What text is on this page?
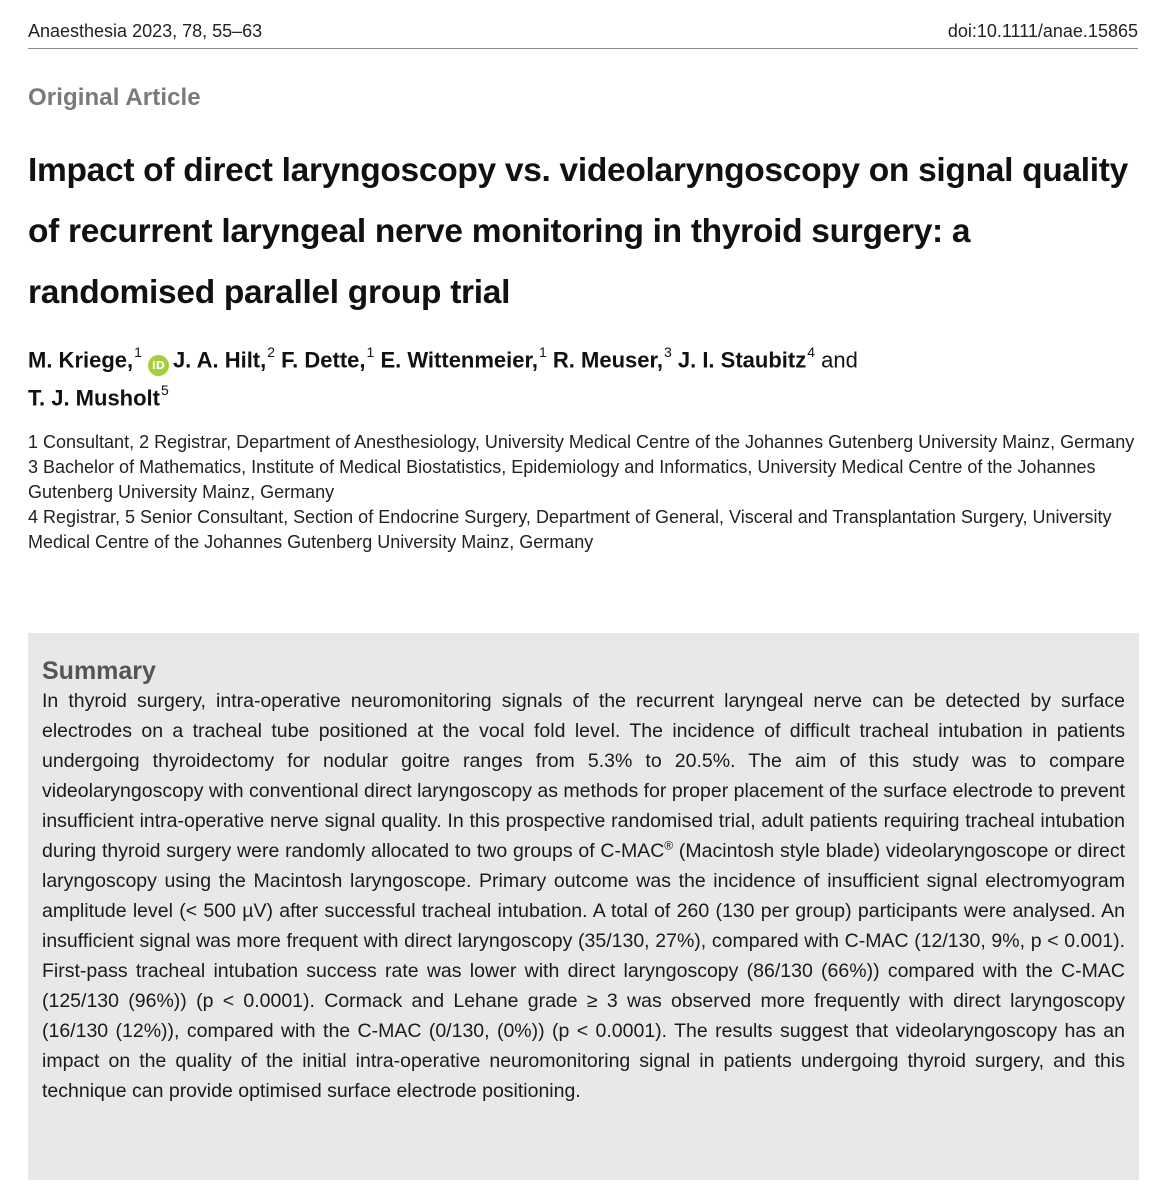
Anaesthesia 2023, 78, 55–63	doi:10.1111/anae.15865
Original Article
Impact of direct laryngoscopy vs. videolaryngoscopy on signal quality of recurrent laryngeal nerve monitoring in thyroid surgery: a randomised parallel group trial
M. Kriege,$^1$iD J. A. Hilt,$^2$ F. Dette,$^1$ E. Wittenmeier,$^1$ R. Meuser,$^3$ J. I. Staubitz$^4$ and
T. J. Musholt$^5$

1 Consultant, 2 Registrar, Department of Anesthesiology, University Medical Centre of the Johannes Gutenberg University Mainz, Germany

3 Bachelor of Mathematics, Institute of Medical Biostatistics, Epidemiology and Informatics, University Medical Centre of the Johannes Gutenberg University Mainz, Germany

4 Registrar, 5 Senior Consultant, Section of Endocrine Surgery, Department of General, Visceral and Transplantation Surgery, University Medical Centre of the Johannes Gutenberg University Mainz, Germany

Summary

In thyroid surgery, intra-operative neuromonitoring signals of the recurrent laryngeal nerve can be detected by surface electrodes on a tracheal tube positioned at the vocal fold level. The incidence of difficult tracheal intubation in patients undergoing thyroidectomy for nodular goitre ranges from 5.3% to 20.5%. The aim of this study was to compare videolaryngoscopy with conventional direct laryngoscopy as methods for proper placement of the surface electrode to prevent insufficient intra-operative nerve signal quality. In this prospective randomised trial, adult patients requiring tracheal intubation during thyroid surgery were randomly allocated to two groups of C-MAC® (Macintosh style blade) videolaryngoscope or direct laryngoscopy using the Macintosh laryngoscope. Primary outcome was the incidence of insufficient signal electromyogram amplitude level (< 500 µV) after successful tracheal intubation. A total of 260 (130 per group) participants were analysed. An insufficient signal was more frequent with direct laryngoscopy (35/130, 27%), compared with C-MAC (12/130, 9%, p < 0.001). First-pass tracheal intubation success rate was lower with direct laryngoscopy (86/130 (66%)) compared with the C-MAC (125/130 (96%)) (p < 0.0001). Cormack and Lehane grade ≥ 3 was observed more frequently with direct laryngoscopy (16/130 (12%)), compared with the C-MAC (0/130, (0%)) (p < 0.0001). The results suggest that videolaryngoscopy has an impact on the quality of the initial intra-operative neuromonitoring signal in patients undergoing thyroid surgery, and this technique can provide optimised surface electrode positioning.
